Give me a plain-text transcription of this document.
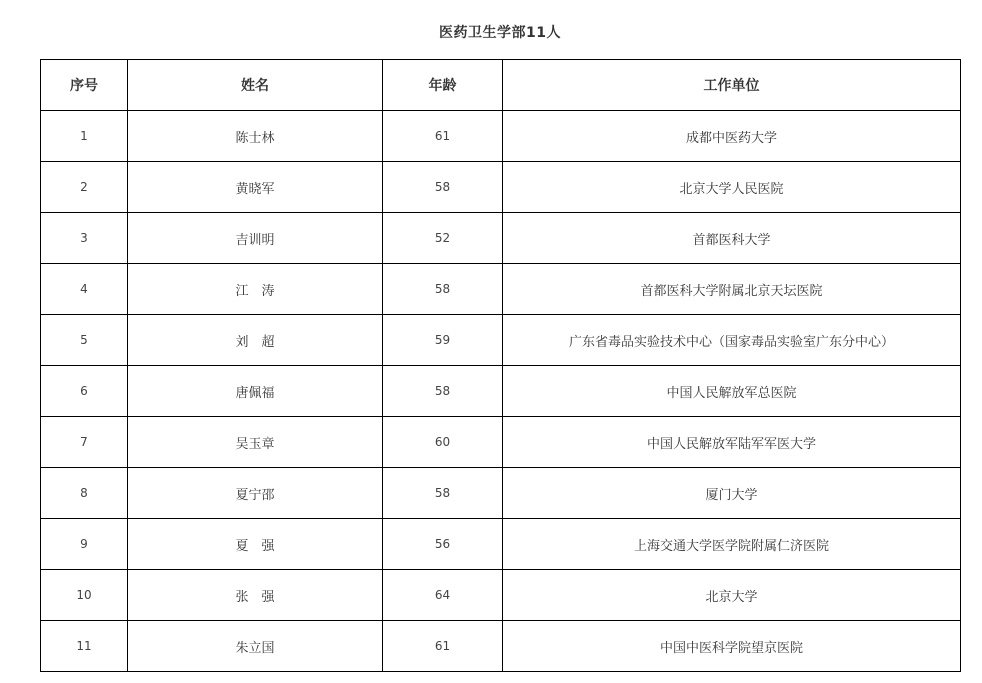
医药卫生学部11人
序号	姓名	年龄	工作单位
1	陈士林	61	成都中医药大学
2	黄晓军	58	北京大学人民医院
3	吉训明	52	首都医科大学
4	江　涛	58	首都医科大学附属北京天坛医院
5	刘　超	59	广东省毒品实验技术中心（国家毒品实验室广东分中心）
6	唐佩福	58	中国人民解放军总医院
7	吴玉章	60	中国人民解放军陆军军医大学
8	夏宁邵	58	厦门大学
9	夏　强	56	上海交通大学医学院附属仁济医院
10	张　强	64	北京大学
11	朱立国	61	中国中医科学院望京医院
